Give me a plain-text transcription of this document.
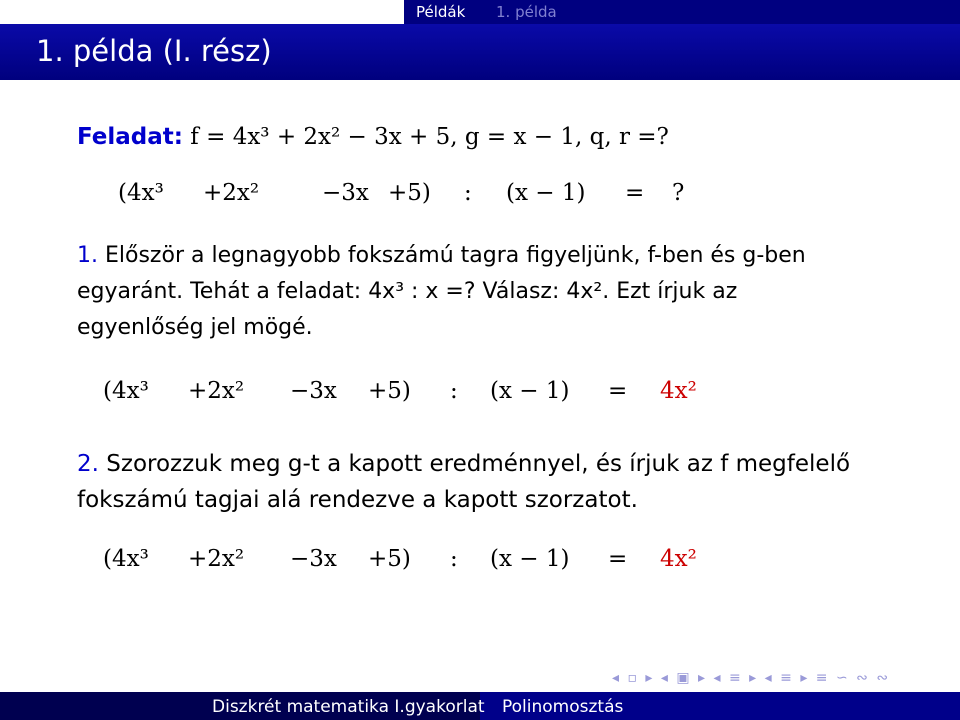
Példák 1. példa
1. példa (I. rész)
Feladat: f = 4x³ + 2x² − 3x + 5, g = x − 1, q, r =?
(4x³ +2x²	−3x +5) : (x − 1) = ?
1. Először a legnagyobb fokszámú tagra figyeljünk, f-ben és g-ben
egyaránt. Tehát a feladat: 4x³ : x =? Válasz: 4x². Ezt írjuk az
egyenlőség jel mögé.
(4x³ +2x² −3x +5) : (x − 1) = 4x²
2. Szorozzuk meg g-t a kapott eredménnyel, és írjuk az f megfelelő
fokszámú tagjai alá rendezve a kapott szorzatot.
(4x³ +2x² −3x +5) : (x − 1) = 4x²
◂ ▫ ▸ ◂ ▣ ▸ ◂ ≡ ▸ ◂ ≡ ▸ ≡ ∽ ∾ ∾
Diszkrét matematika I.gyakorlat Polinomosztás
